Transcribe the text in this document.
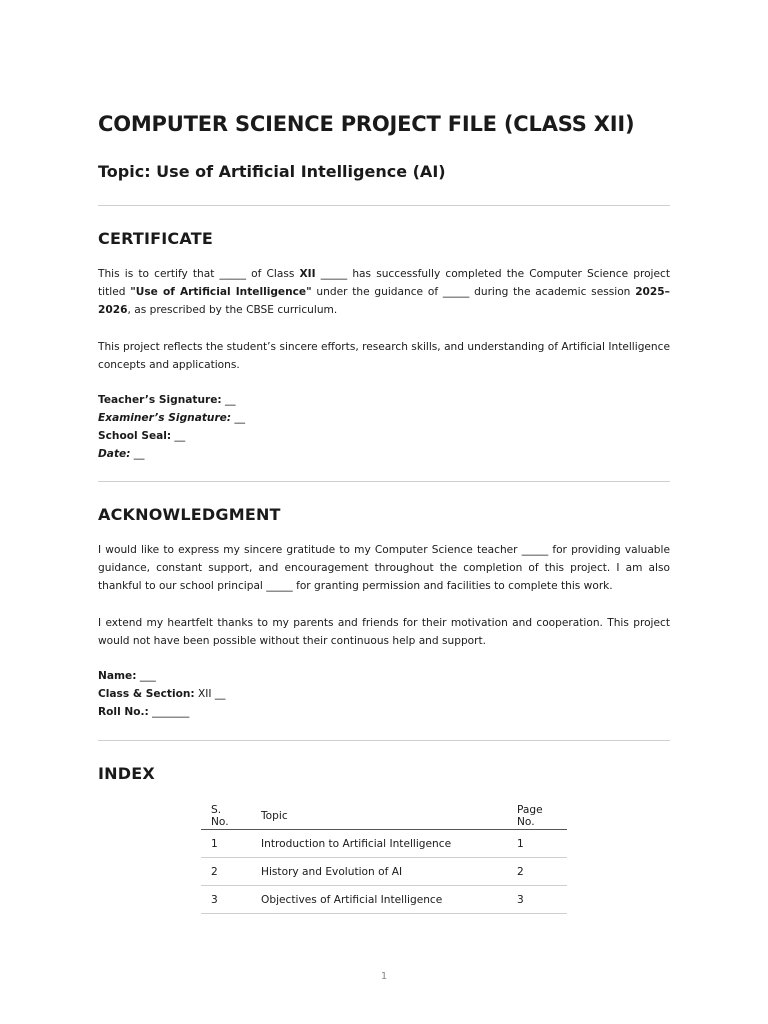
COMPUTER SCIENCE PROJECT FILE (CLASS XII)
Topic: Use of Artificial Intelligence (AI)
CERTIFICATE

This is to certify that _____ of Class XII _____ has successfully completed the Computer Science project titled "Use of Artificial Intelligence" under the guidance of _____ during the academic session 2025–2026, as prescribed by the CBSE curriculum.

This project reflects the student’s sincere efforts, research skills, and understanding of Artificial Intelligence concepts and applications.

Teacher’s Signature: __
Examiner’s Signature: __
School Seal: __
Date: __
ACKNOWLEDGMENT

I would like to express my sincere gratitude to my Computer Science teacher _____ for providing valuable guidance, constant support, and encouragement throughout the completion of this project. I am also thankful to our school principal _____ for granting permission and facilities to complete this work.

I extend my heartfelt thanks to my parents and friends for their motivation and cooperation. This project would not have been possible without their continuous help and support.

Name: ___
Class & Section: XII __
Roll No.: _______
INDEX
S. No.	Topic	Page No.
1	Introduction to Artificial Intelligence	1
2	History and Evolution of AI	2
3	Objectives of Artificial Intelligence	3
1
